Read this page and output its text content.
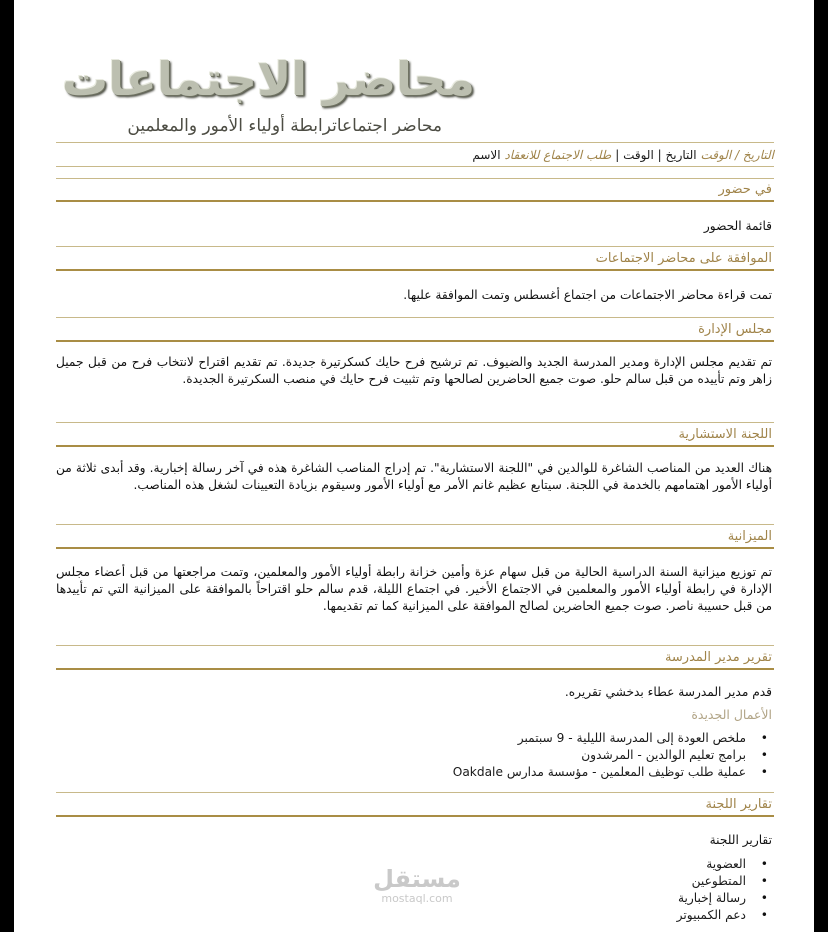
محاضر الاجتماعات
محاضر اجتماعاترابطة أولياء الأمور والمعلمين
التاريخ / الوقت التاريخ | الوقت | طلب الاجتماع للانعقاد الاسم
في حضور
قائمة الحضور
الموافقة على محاضر الاجتماعات
تمت قراءة محاضر الاجتماعات من اجتماع أغسطس وتمت الموافقة عليها.
مجلس الإدارة
تم تقديم مجلس الإدارة ومدير المدرسة الجديد والضيوف. تم ترشيح فرح حايك كسكرتيرة جديدة. تم تقديم اقتراح لانتخاب فرح من قبل جميل زاهر وتم تأييده من قبل سالم حلو. صوت جميع الحاضرين لصالحها وتم تثبيت فرح حايك في منصب السكرتيرة الجديدة.
اللجنة الاستشارية
هناك العديد من المناصب الشاغرة للوالدين في "اللجنة الاستشارية". تم إدراج المناصب الشاغرة هذه في آخر رسالة إخبارية. وقد أبدى ثلاثة من أولياء الأمور اهتمامهم بالخدمة في اللجنة. سيتابع عظيم غانم الأمر مع أولياء الأمور وسيقوم بزيادة التعيينات لشغل هذه المناصب.
الميزانية
تم توزيع ميزانية السنة الدراسية الحالية من قبل سهام عزة وأمين خزانة رابطة أولياء الأمور والمعلمين، وتمت مراجعتها من قبل أعضاء مجلس الإدارة في رابطة أولياء الأمور والمعلمين في الاجتماع الأخير. في اجتماع الليلة، قدم سالم حلو اقتراحاً بالموافقة على الميزانية التي تم تأييدها من قبل حسيبة ناصر. صوت جميع الحاضرين لصالح الموافقة على الميزانية كما تم تقديمها.
تقرير مدير المدرسة
قدم مدير المدرسة عطاء بدخشي تقريره.
الأعمال الجديدة
• ملخص العودة إلى المدرسة الليلية - 9 سبتمبر
• برامج تعليم الوالدين - المرشدون
• عملية طلب توظيف المعلمين - مؤسسة مدارس Oakdale
تقارير اللجنة
تقارير اللجنة
• العضوية
• المتطوعين
• رسالة إخبارية
• دعم الكمبيوتر
مستقل
mostaql.com
